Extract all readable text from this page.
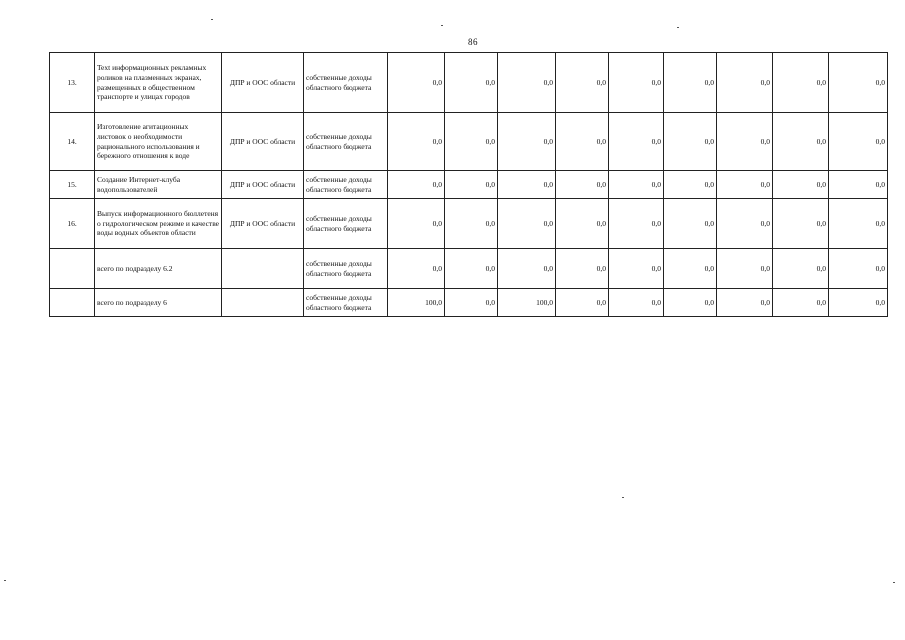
86
13.	Text информационных рекламных роликов на плазменных экранах, размещенных в общественном транспорте и улицах городов	ДПР и ООС области	собственные доходы областного бюджета	0,0	0,0	0,0	0,0	0,0	0,0	0,0	0,0	0,0
14.	Изготовление агитационных листовок о необходимости рационального использования и бережного отношения к воде	ДПР и ООС области	собственные доходы областного бюджета	0,0	0,0	0,0	0,0	0,0	0,0	0,0	0,0	0,0
15.	Создание Интернет-клуба водопользователей	ДПР и ООС области	собственные доходы областного бюджета	0,0	0,0	0,0	0,0	0,0	0,0	0,0	0,0	0,0
16.	Выпуск информационного бюллетеня о гидрологическом режиме и качестве воды водных объектов области	ДПР и ООС области	собственные доходы областного бюджета	0,0	0,0	0,0	0,0	0,0	0,0	0,0	0,0	0,0
	всего по подразделу 6.2		собственные доходы областного бюджета	0,0	0,0	0,0	0,0	0,0	0,0	0,0	0,0	0,0
	всего по подразделу 6		собственные доходы областного бюджета	100,0	0,0	100,0	0,0	0,0	0,0	0,0	0,0	0,0
